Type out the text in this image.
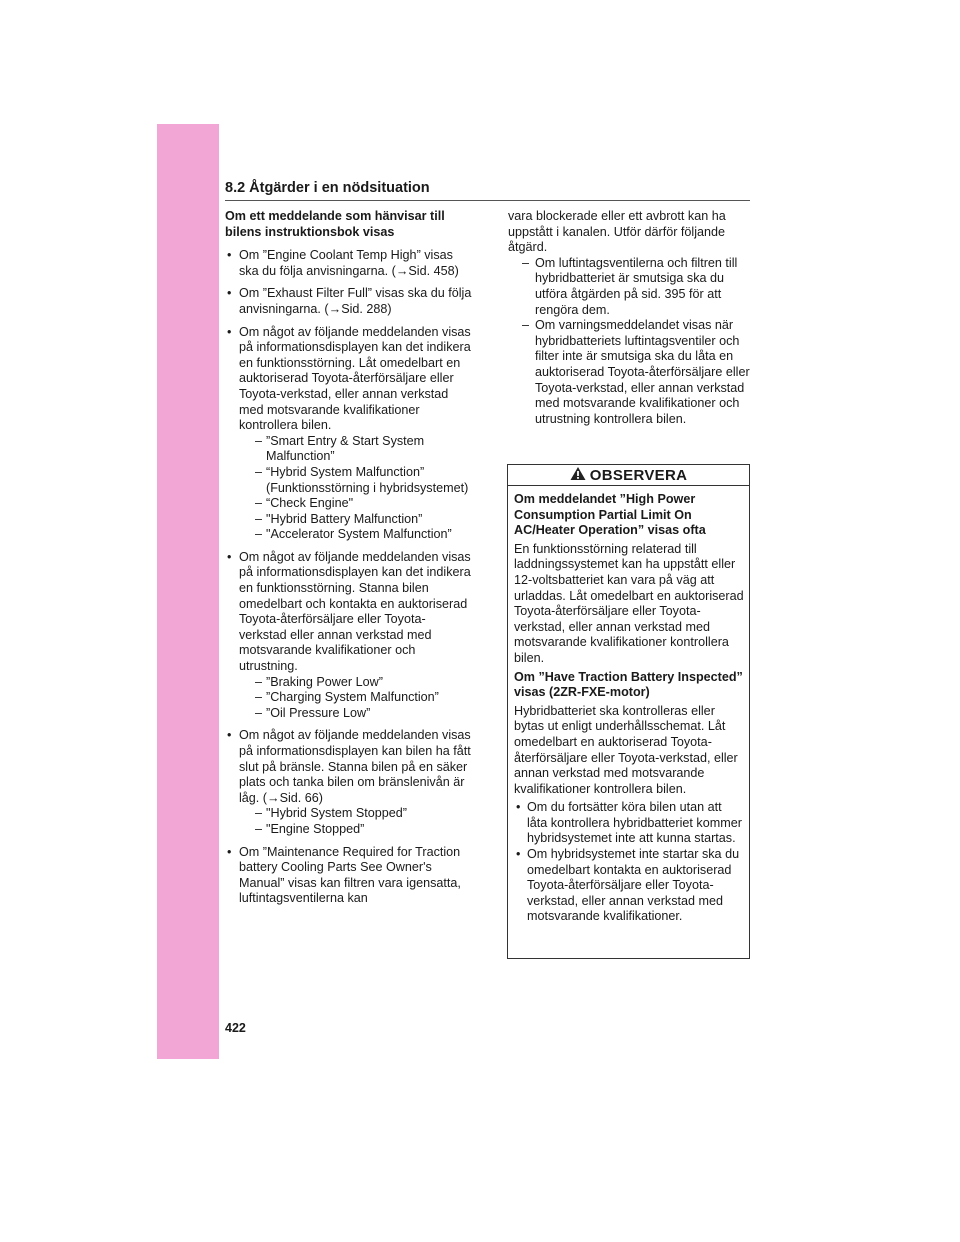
8.2 Åtgärder i en nödsituation
Om ett meddelande som hänvisar till bilens instruktionsbok visas
• Om ”Engine Coolant Temp High” visas ska du följa anvisningarna. (→Sid. 458)
• Om ”Exhaust Filter Full” visas ska du följa anvisningarna. (→Sid. 288)
• Om något av följande meddelanden visas på informationsdisplayen kan det indikera en funktionsstörning. Låt omedelbart en auktoriserad Toyota-återförsäljare eller Toyota-verkstad, eller annan verkstad med motsvarande kvalifikationer kontrollera bilen.
– ”Smart Entry & Start System Malfunction”
– “Hybrid System Malfunction” (Funktionsstörning i hybridsystemet)
– “Check Engine"
– "Hybrid Battery Malfunction”
– "Accelerator System Malfunction”
• Om något av följande meddelanden visas på informationsdisplayen kan det indikera en funktionsstörning. Stanna bilen omedelbart och kontakta en auktoriserad Toyota-återförsäljare eller Toyota-verkstad eller annan verkstad med motsvarande kvalifikationer och utrustning.
– ”Braking Power Low”
– ”Charging System Malfunction”
– ”Oil Pressure Low”
• Om något av följande meddelanden visas på informationsdisplayen kan bilen ha fått slut på bränsle. Stanna bilen på en säker plats och tanka bilen om bränslenivån är låg. (→Sid. 66)
– "Hybrid System Stopped”
– "Engine Stopped”
• Om ”Maintenance Required for Traction battery Cooling Parts See Owner's Manual” visas kan filtren vara igensatta, luftintagsventilerna kan
vara blockerade eller ett avbrott kan ha uppstått i kanalen. Utför därför följande åtgärd.
– Om luftintagsventilerna och filtren till hybridbatteriet är smutsiga ska du utföra åtgärden på sid. 395 för att rengöra dem.
– Om varningsmeddelandet visas när hybridbatteriets luftintagsventiler och filter inte är smutsiga ska du låta en auktoriserad Toyota-återförsäljare eller Toyota-verkstad, eller annan verkstad med motsvarande kvalifikationer och utrustning kontrollera bilen.
OBSERVERA
Om meddelandet ”High Power Consumption Partial Limit On AC/Heater Operation” visas ofta
En funktionsstörning relaterad till laddningssystemet kan ha uppstått eller 12-voltsbatteriet kan vara på väg att urladdas. Låt omedelbart en auktoriserad Toyota-återförsäljare eller Toyota-verkstad, eller annan verkstad med motsvarande kvalifikationer kontrollera bilen.
Om ”Have Traction Battery Inspected” visas (2ZR-FXE-motor)
Hybridbatteriet ska kontrolleras eller bytas ut enligt underhållsschemat. Låt omedelbart en auktoriserad Toyota-återförsäljare eller Toyota-verkstad, eller annan verkstad med motsvarande kvalifikationer kontrollera bilen.
• Om du fortsätter köra bilen utan att låta kontrollera hybridbatteriet kommer hybridsystemet inte att kunna startas.
• Om hybridsystemet inte startar ska du omedelbart kontakta en auktoriserad Toyota-återförsäljare eller Toyota-verkstad, eller annan verkstad med motsvarande kvalifikationer.
422
